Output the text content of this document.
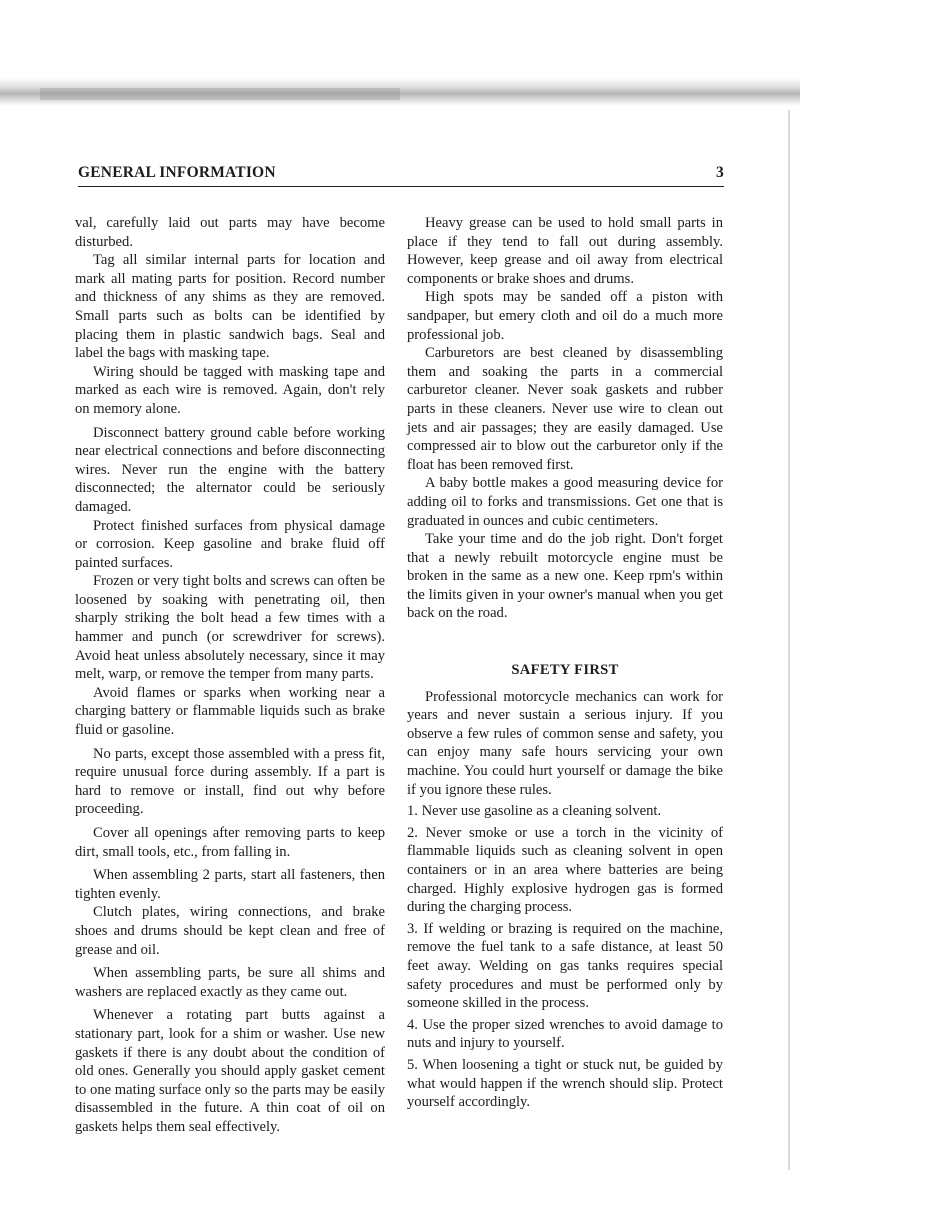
GENERAL INFORMATION	3

val, carefully laid out parts may have become disturbed.

Tag all similar internal parts for location and mark all mating parts for position. Record number and thickness of any shims as they are removed. Small parts such as bolts can be identified by placing them in plastic sandwich bags. Seal and label the bags with masking tape.

Wiring should be tagged with masking tape and marked as each wire is removed. Again, don't rely on memory alone.

Disconnect battery ground cable before working near electrical connections and before disconnecting wires. Never run the engine with the battery disconnected; the alternator could be seriously damaged.

Protect finished surfaces from physical damage or corrosion. Keep gasoline and brake fluid off painted surfaces.

Frozen or very tight bolts and screws can often be loosened by soaking with penetrating oil, then sharply striking the bolt head a few times with a hammer and punch (or screwdriver for screws). Avoid heat unless absolutely necessary, since it may melt, warp, or remove the temper from many parts.

Avoid flames or sparks when working near a charging battery or flammable liquids such as brake fluid or gasoline.

No parts, except those assembled with a press fit, require unusual force during assembly. If a part is hard to remove or install, find out why before proceeding.

Cover all openings after removing parts to keep dirt, small tools, etc., from falling in.

When assembling 2 parts, start all fasteners, then tighten evenly.

Clutch plates, wiring connections, and brake shoes and drums should be kept clean and free of grease and oil.

When assembling parts, be sure all shims and washers are replaced exactly as they came out.

Whenever a rotating part butts against a stationary part, look for a shim or washer. Use new gaskets if there is any doubt about the condition of old ones. Generally you should apply gasket cement to one mating surface only so the parts may be easily disassembled in the future. A thin coat of oil on gaskets helps them seal effectively.

Heavy grease can be used to hold small parts in place if they tend to fall out during assembly. However, keep grease and oil away from electrical components or brake shoes and drums.

High spots may be sanded off a piston with sandpaper, but emery cloth and oil do a much more professional job.

Carburetors are best cleaned by disassembling them and soaking the parts in a commercial carburetor cleaner. Never soak gaskets and rubber parts in these cleaners. Never use wire to clean out jets and air passages; they are easily damaged. Use compressed air to blow out the carburetor only if the float has been removed first.

A baby bottle makes a good measuring device for adding oil to forks and transmissions. Get one that is graduated in ounces and cubic centimeters.

Take your time and do the job right. Don't forget that a newly rebuilt motorcycle engine must be broken in the same as a new one. Keep rpm's within the limits given in your owner's manual when you get back on the road.

SAFETY FIRST

Professional motorcycle mechanics can work for years and never sustain a serious injury. If you observe a few rules of common sense and safety, you can enjoy many safe hours servicing your own machine. You could hurt yourself or damage the bike if you ignore these rules.

1. Never use gasoline as a cleaning solvent.

2. Never smoke or use a torch in the vicinity of flammable liquids such as cleaning solvent in open containers or in an area where batteries are being charged. Highly explosive hydrogen gas is formed during the charging process.

3. If welding or brazing is required on the machine, remove the fuel tank to a safe distance, at least 50 feet away. Welding on gas tanks requires special safety procedures and must be performed only by someone skilled in the process.

4. Use the proper sized wrenches to avoid damage to nuts and injury to yourself.

5. When loosening a tight or stuck nut, be guided by what would happen if the wrench should slip. Protect yourself accordingly.
